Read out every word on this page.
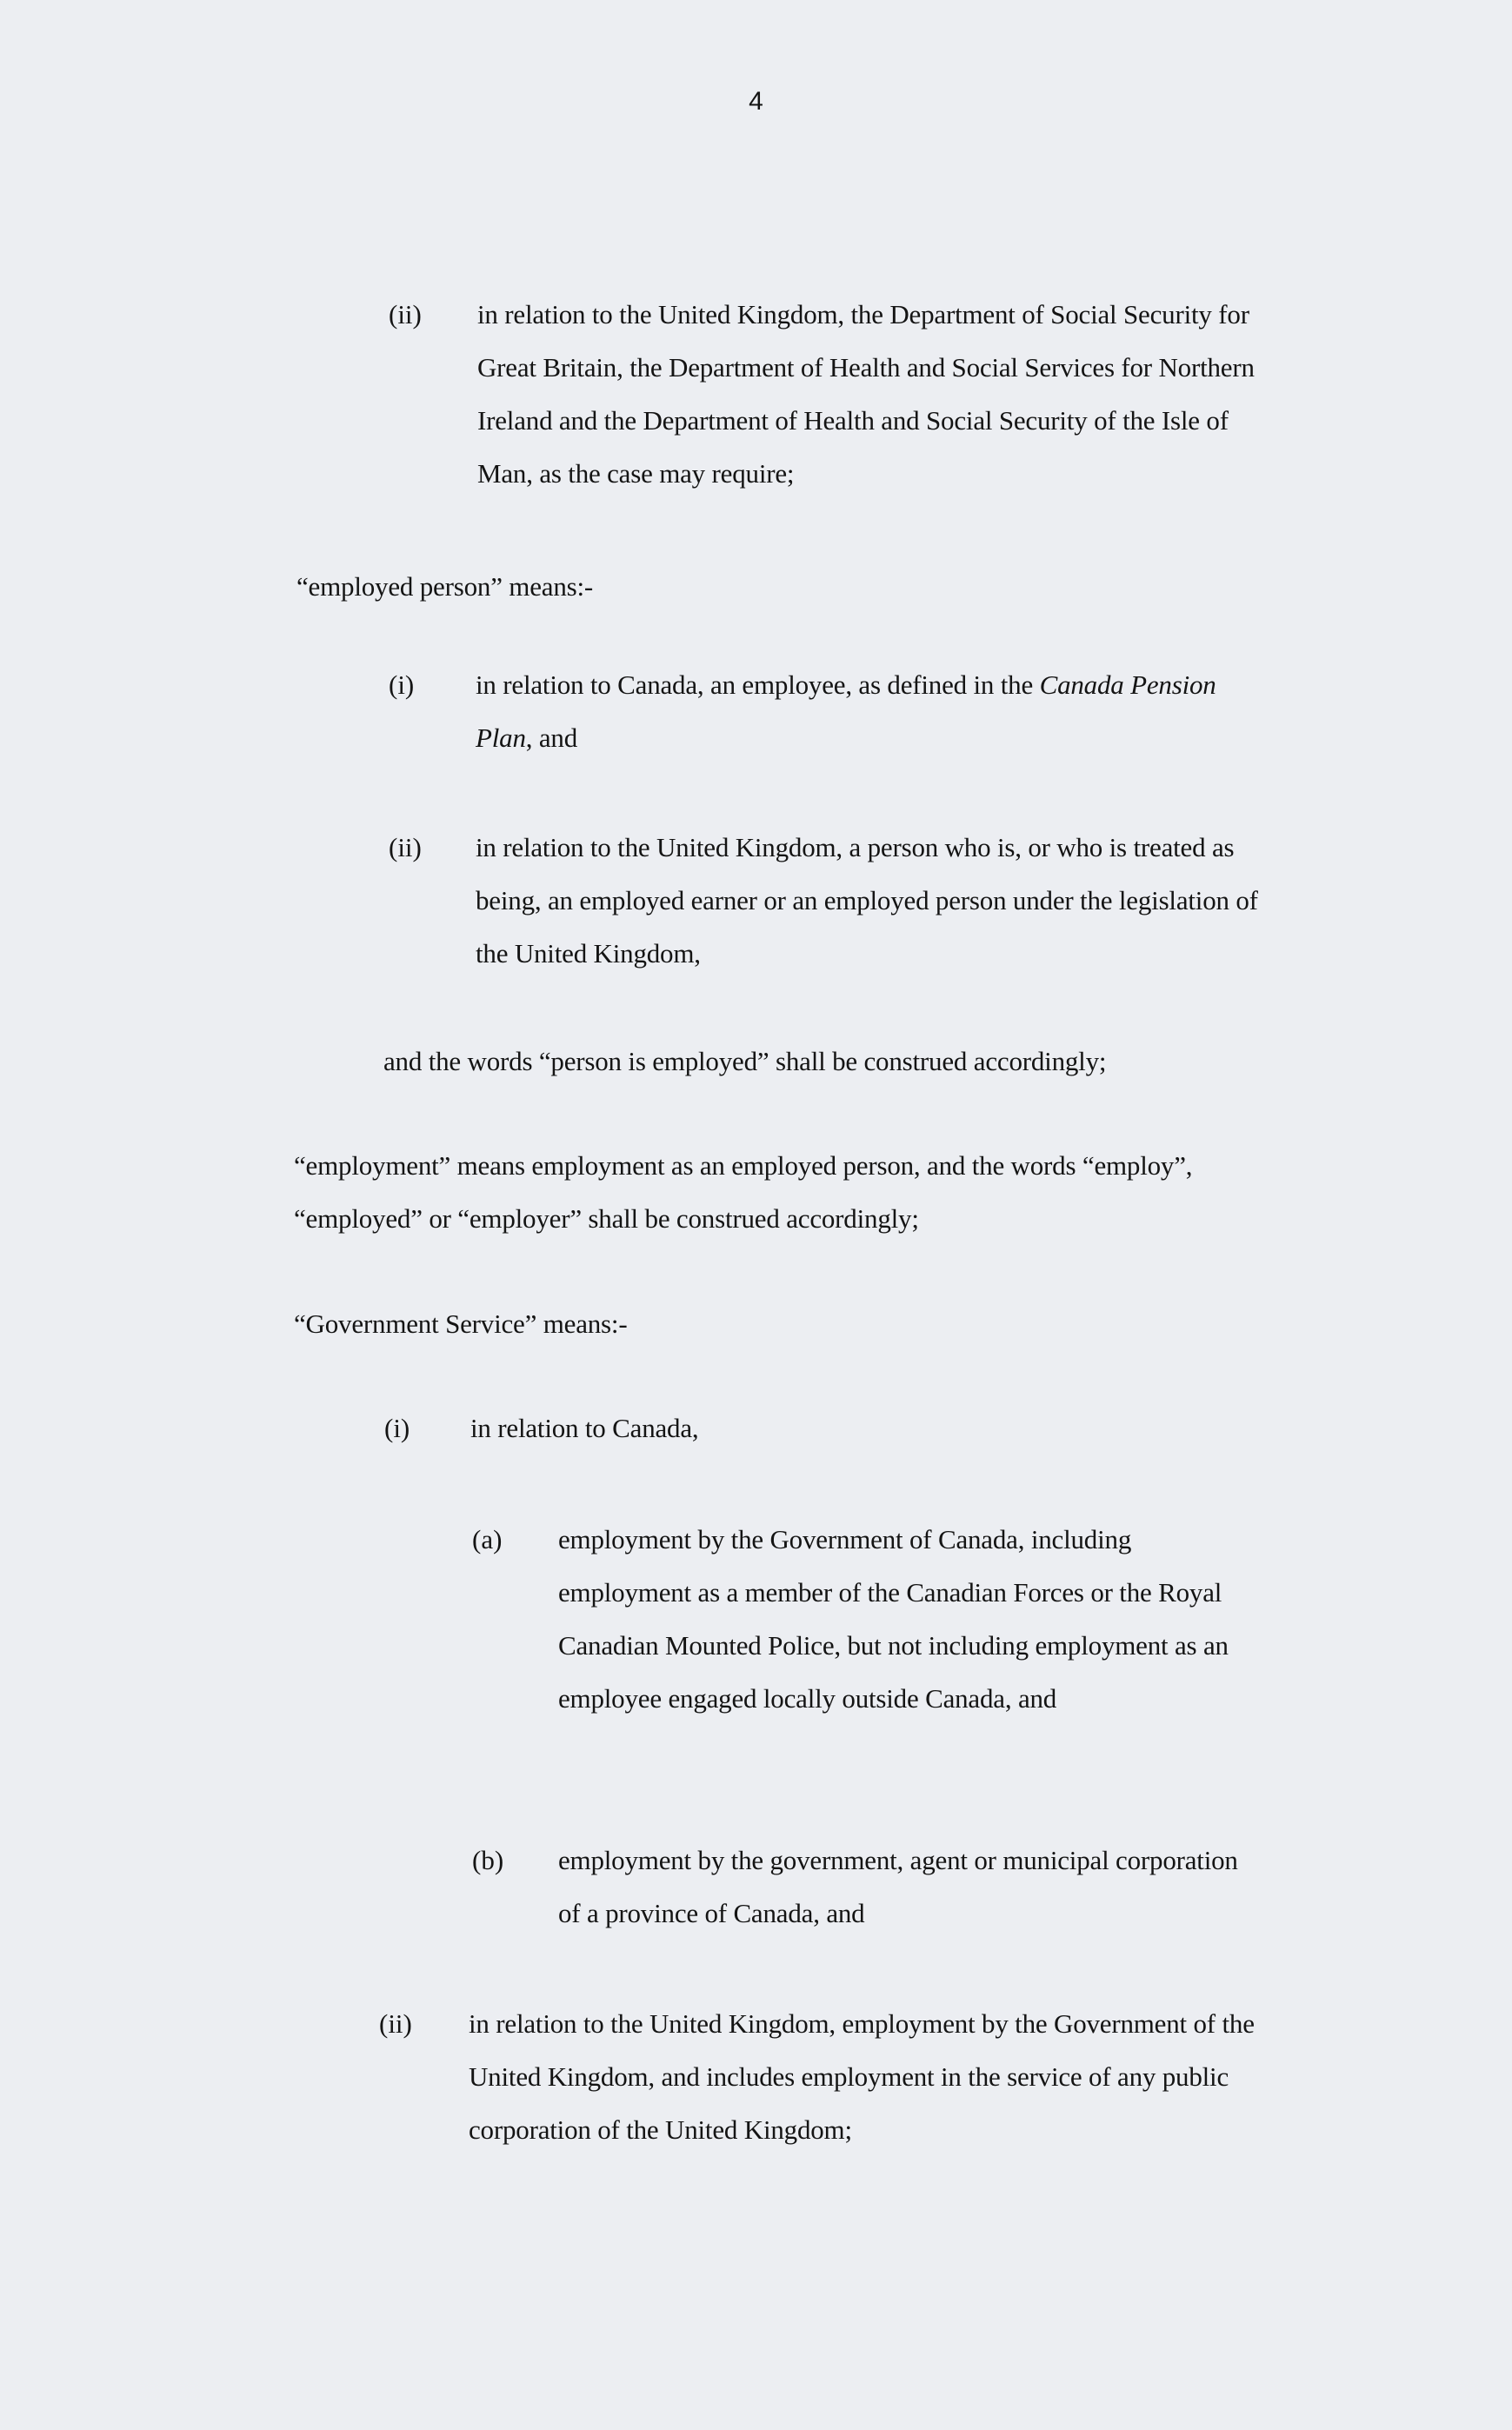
4
(ii) in relation to the United Kingdom, the Department of Social Security for Great Britain, the Department of Health and Social Services for Northern Ireland and the Department of Health and Social Security of the Isle of Man, as the case may require;

“employed person” means:-

(i) in relation to Canada, an employee, as defined in the Canada Pension Plan, and

(ii) in relation to the United Kingdom, a person who is, or who is treated as being, an employed earner or an employed person under the legislation of the United Kingdom,

and the words “person is employed” shall be construed accordingly;

“employment” means employment as an employed person, and the words “employ”, “employed” or “employer” shall be construed accordingly;

“Government Service” means:-

(i) in relation to Canada,

(a) employment by the Government of Canada, including employment as a member of the Canadian Forces or the Royal Canadian Mounted Police, but not including employment as an employee engaged locally outside Canada, and

(b) employment by the government, agent or municipal corporation of a province of Canada, and

(ii) in relation to the United Kingdom, employment by the Government of the United Kingdom, and includes employment in the service of any public corporation of the United Kingdom;
